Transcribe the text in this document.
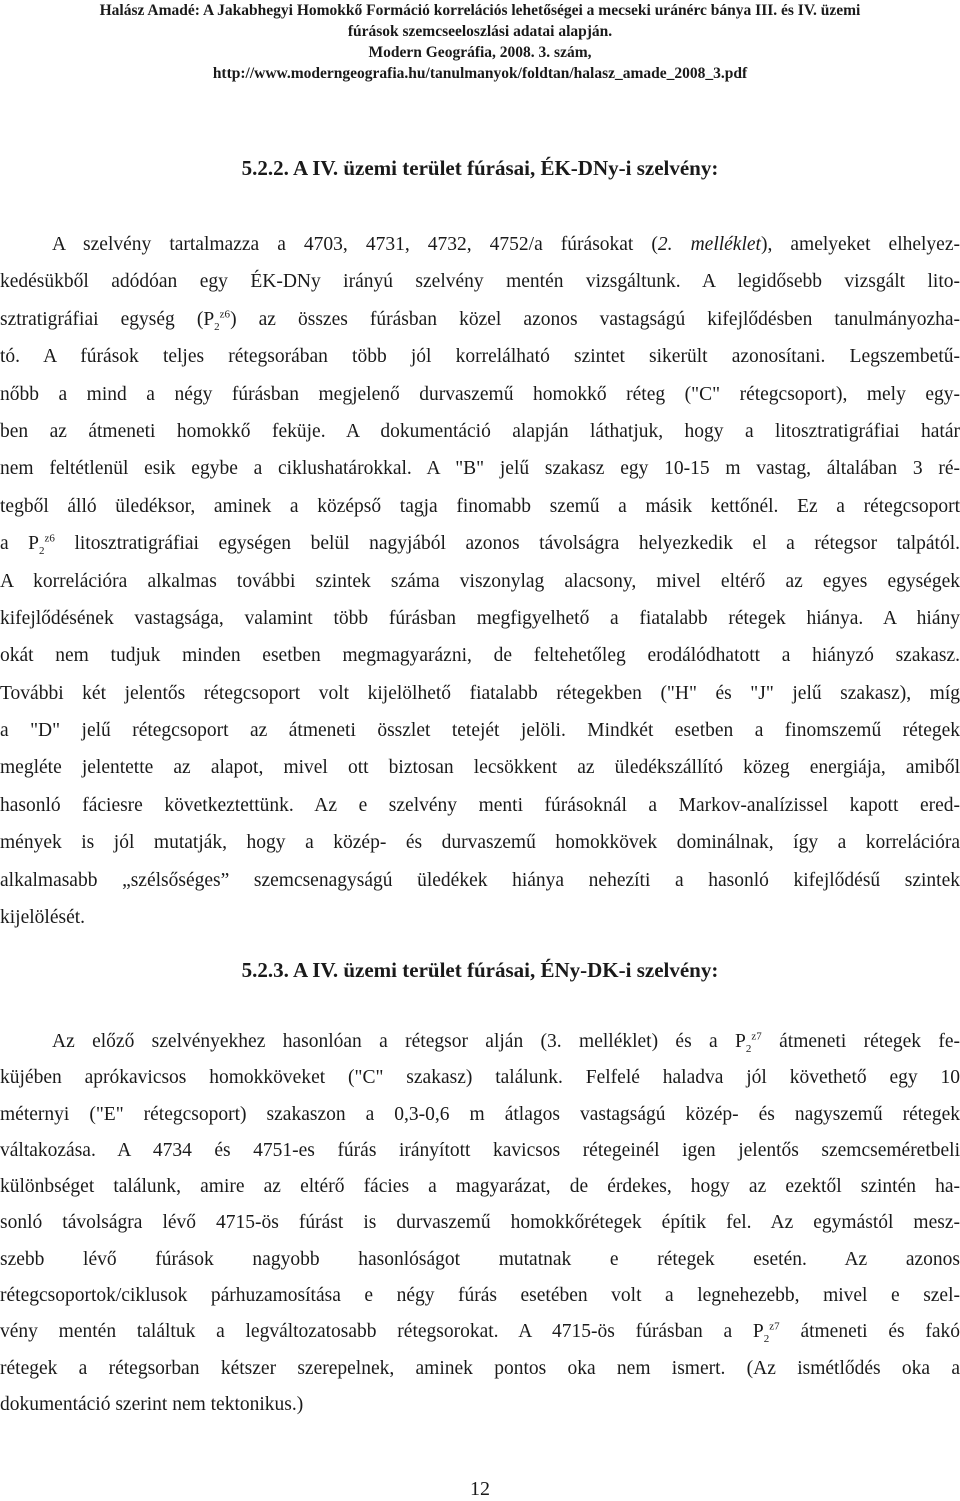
Halász Amadé: A Jakabhegyi Homokkő Formáció korrelációs lehetőségei a mecseki uránérc bánya III. és IV. üzemi
fúrások szemcseeloszlási adatai alapján.
Modern Geográfia, 2008. 3. szám,
http://www.moderngeografia.hu/tanulmanyok/foldtan/halasz_amade_2008_3.pdf
5.2.2. A IV. üzemi terület fúrásai, ÉK-DNy-i szelvény:
A szelvény tartalmazza a 4703, 4731, 4732, 4752/a fúrásokat (2. melléklet), amelyeket elhelyez-
kedésükből adódóan egy ÉK-DNy irányú szelvény mentén vizsgáltunk. A legidősebb vizsgált lito-
sztratigráfiai egység $(P_2^{z6})$ az összes fúrásban közel azonos vastagságú kifejlődésben tanulmányozha-
tó. A fúrások teljes rétegsorában több jól korrelálható szintet sikerült azonosítani. Legszembetű-
nőbb a mind a négy fúrásban megjelenő durvaszemű homokkő réteg ("C" rétegcsoport), mely egy-
ben az átmeneti homokkő feküje. A dokumentáció alapján láthatjuk, hogy a litosztratigráfiai határ
nem feltétlenül esik egybe a ciklushatárokkal. A "B" jelű szakasz egy 10-15 m vastag, általában 3 ré-
tegből álló üledéksor, aminek a középső tagja finomabb szemű a másik kettőnél. Ez a rétegcsoport
a $P_2^{z6}$ litosztratigráfiai egységen belül nagyjából azonos távolságra helyezkedik el a rétegsor talpától.
A korrelációra alkalmas további szintek száma viszonylag alacsony, mivel eltérő az egyes egységek
kifejlődésének vastagsága, valamint több fúrásban megfigyelhető a fiatalabb rétegek hiánya. A hiány
okát nem tudjuk minden esetben megmagyarázni, de feltehetőleg erodálódhatott a hiányzó szakasz.
További két jelentős rétegcsoport volt kijelölhető fiatalabb rétegekben ("H" és "J" jelű szakasz), míg
a "D" jelű rétegcsoport az átmeneti összlet tetejét jelöli. Mindkét esetben a finomszemű rétegek
megléte jelentette az alapot, mivel ott biztosan lecsökkent az üledékszállító közeg energiája, amiből
hasonló fáciesre következtettünk. Az e szelvény menti fúrásoknál a Markov-analízissel kapott ered-
mények is jól mutatják, hogy a közép- és durvaszemű homokkövek dominálnak, így a korrelációra
alkalmasabb „szélsőséges” szemcsenagyságú üledékek hiánya nehezíti a hasonló kifejlődésű szintek
kijelölését.
5.2.3. A IV. üzemi terület fúrásai, ÉNy-DK-i szelvény:
Az előző szelvényekhez hasonlóan a rétegsor alján (3. melléklet) és a $P_2^{z7}$ átmeneti rétegek fe-
küjében aprókavicsos homokköveket ("C" szakasz) találunk. Felfelé haladva jól követhető egy 10
méternyi ("E" rétegcsoport) szakaszon a 0,3-0,6 m átlagos vastagságú közép- és nagyszemű rétegek
váltakozása. A 4734 és 4751-es fúrás irányított kavicsos rétegeinél igen jelentős szemcseméretbeli
különbséget találunk, amire az eltérő fácies a magyarázat, de érdekes, hogy az ezektől szintén ha-
sonló távolságra lévő 4715-ös fúrást is durvaszemű homokkőrétegek építik fel. Az egymástól mesz-
szebb lévő fúrások nagyobb hasonlóságot mutatnak e rétegek esetén. Az azonos
rétegcsoportok/ciklusok párhuzamosítása e négy fúrás esetében volt a legnehezebb, mivel e szel-
vény mentén találtuk a legváltozatosabb rétegsorokat. A 4715-ös fúrásban a $P_2^{z7}$ átmeneti és fakó
rétegek a rétegsorban kétszer szerepelnek, aminek pontos oka nem ismert. (Az ismétlődés oka a
dokumentáció szerint nem tektonikus.)
12
